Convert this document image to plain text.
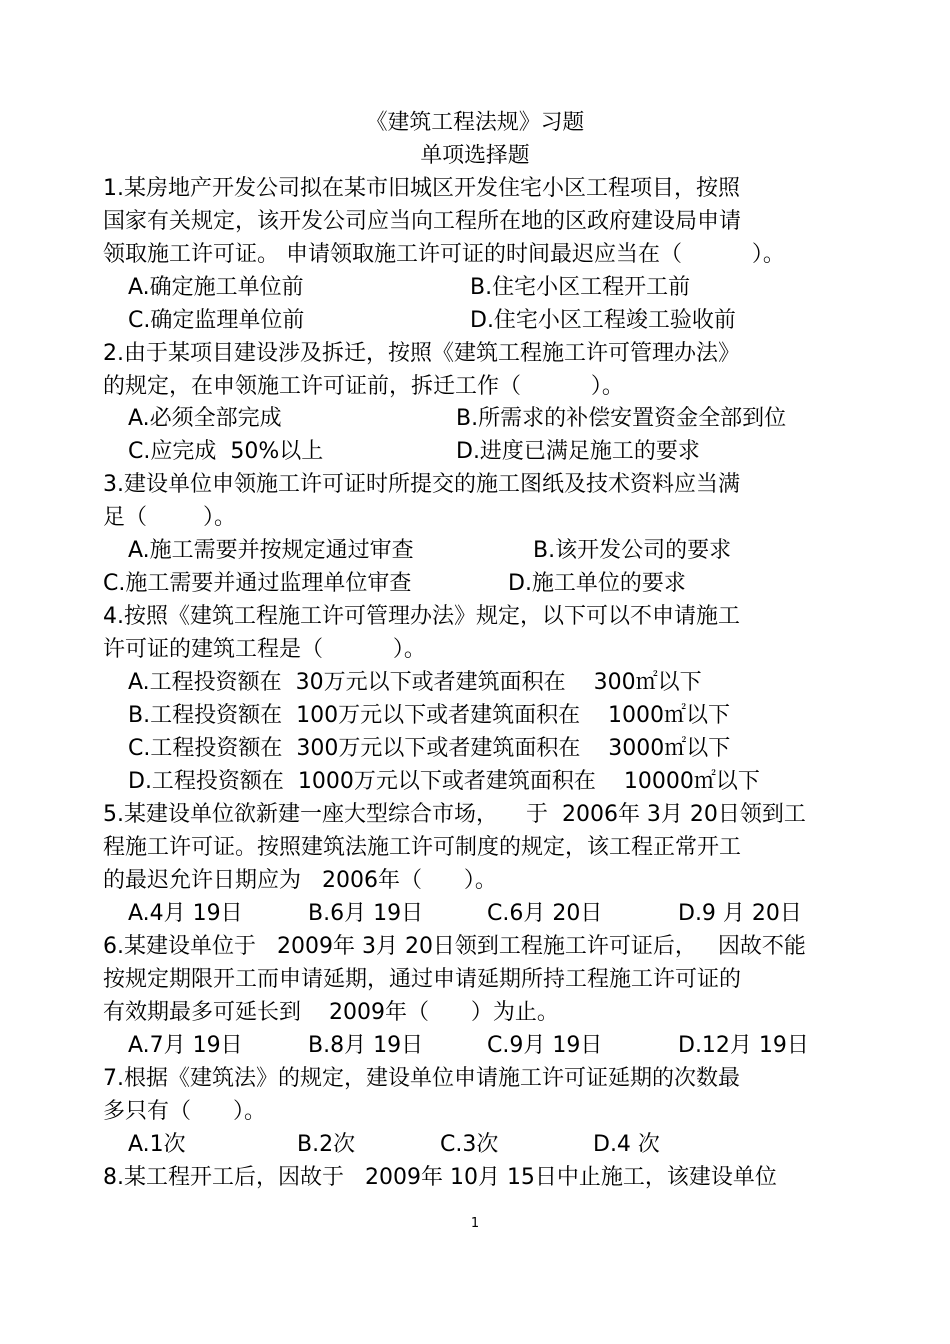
《建筑工程法规》习题
单项选择题
1.某房地产开发公司拟在某市旧城区开发住宅小区工程项目，按照
国家有关规定，该开发公司应当向工程所在地的区政府建设局申请
领取施工许可证。 申请领取施工许可证的时间最迟应当在（          ）。
A.确定施工单位前	B.住宅小区工程开工前
C.确定监理单位前	D.住宅小区工程竣工验收前
2.由于某项目建设涉及拆迁，按照《建筑工程施工许可管理办法》
的规定，在申领施工许可证前，拆迁工作（          ）。
A.必须全部完成	B.所需求的补偿安置资金全部到位
C.应完成  50%以上	D.进度已满足施工的要求
3.建设单位申领施工许可证时所提交的施工图纸及技术资料应当满
足（        ）。
A.施工需要并按规定通过审查	B.该开发公司的要求
C.施工需要并通过监理单位审查	D.施工单位的要求
4.按照《建筑工程施工许可管理办法》规定，以下可以不申请施工
许可证的建筑工程是（          ）。
A.工程投资额在  30万元以下或者建筑面积在    300㎡以下
B.工程投资额在  100万元以下或者建筑面积在    1000㎡以下
C.工程投资额在  300万元以下或者建筑面积在    3000㎡以下
D.工程投资额在  1000万元以下或者建筑面积在    10000㎡以下
5.某建设单位欲新建一座大型综合市场，    于  2006年 3月 20日领到工
程施工许可证。按照建筑法施工许可制度的规定，该工程正常开工
的最迟允许日期应为   2006年（      ）。
A.4月 19日	B.6月 19日	C.6月 20日	D.9 月 20日
6.某建设单位于   2009年 3月 20日领到工程施工许可证后，   因故不能
按规定期限开工而申请延期，通过申请延期所持工程施工许可证的
有效期最多可延长到    2009年（      ）为止。
A.7月 19日	B.8月 19日	C.9月 19日	D.12月 19日
7.根据《建筑法》的规定，建设单位申请施工许可证延期的次数最
多只有（      ）。
A.1次	B.2次	C.3次	D.4 次
8.某工程开工后，因故于   2009年 10月 15日中止施工，该建设单位
1
